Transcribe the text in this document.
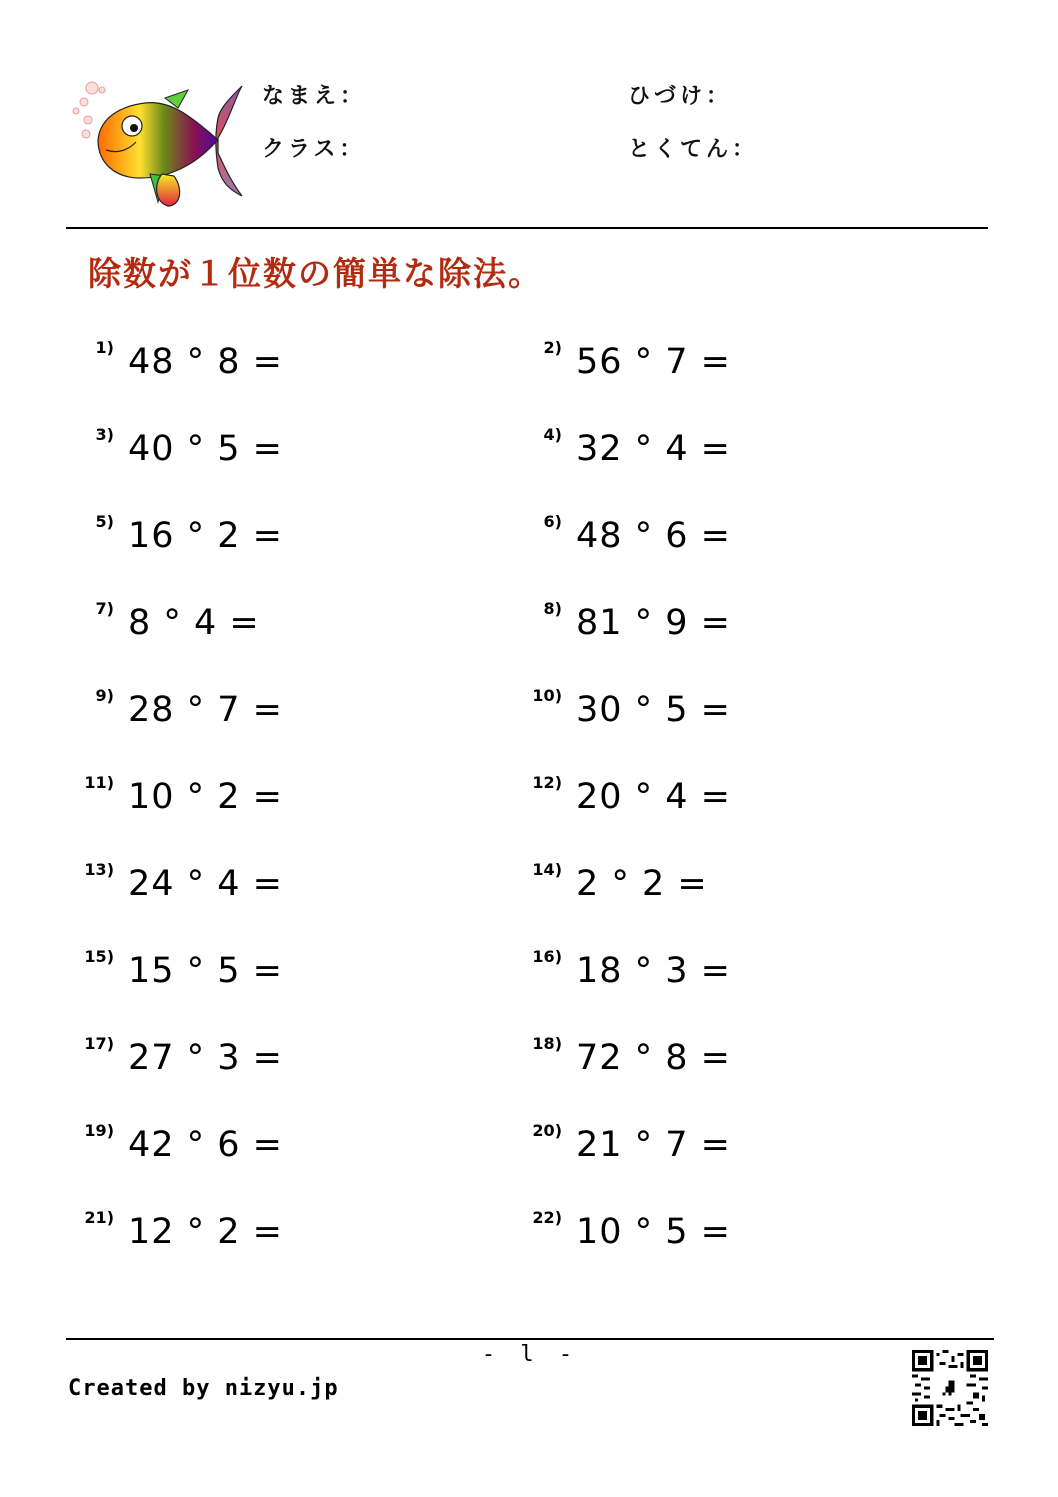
なまえ：
クラス：
ひづけ：
とくてん：
除数が１位数の簡単な除法。
1) 48 ° 8 =	2) 56 ° 7 =
3) 40 ° 5 =	4) 32 ° 4 =
5) 16 ° 2 =	6) 48 ° 6 =
7) 8 ° 4 =	8) 81 ° 9 =
9) 28 ° 7 =	10) 30 ° 5 =
11) 10 ° 2 =	12) 20 ° 4 =
13) 24 ° 4 =	14) 2 ° 2 =
15) 15 ° 5 =	16) 18 ° 3 =
17) 27 ° 3 =	18) 72 ° 8 =
19) 42 ° 6 =	20) 21 ° 7 =
21) 12 ° 2 =	22) 10 ° 5 =
- l -
Created by nizyu.jp
